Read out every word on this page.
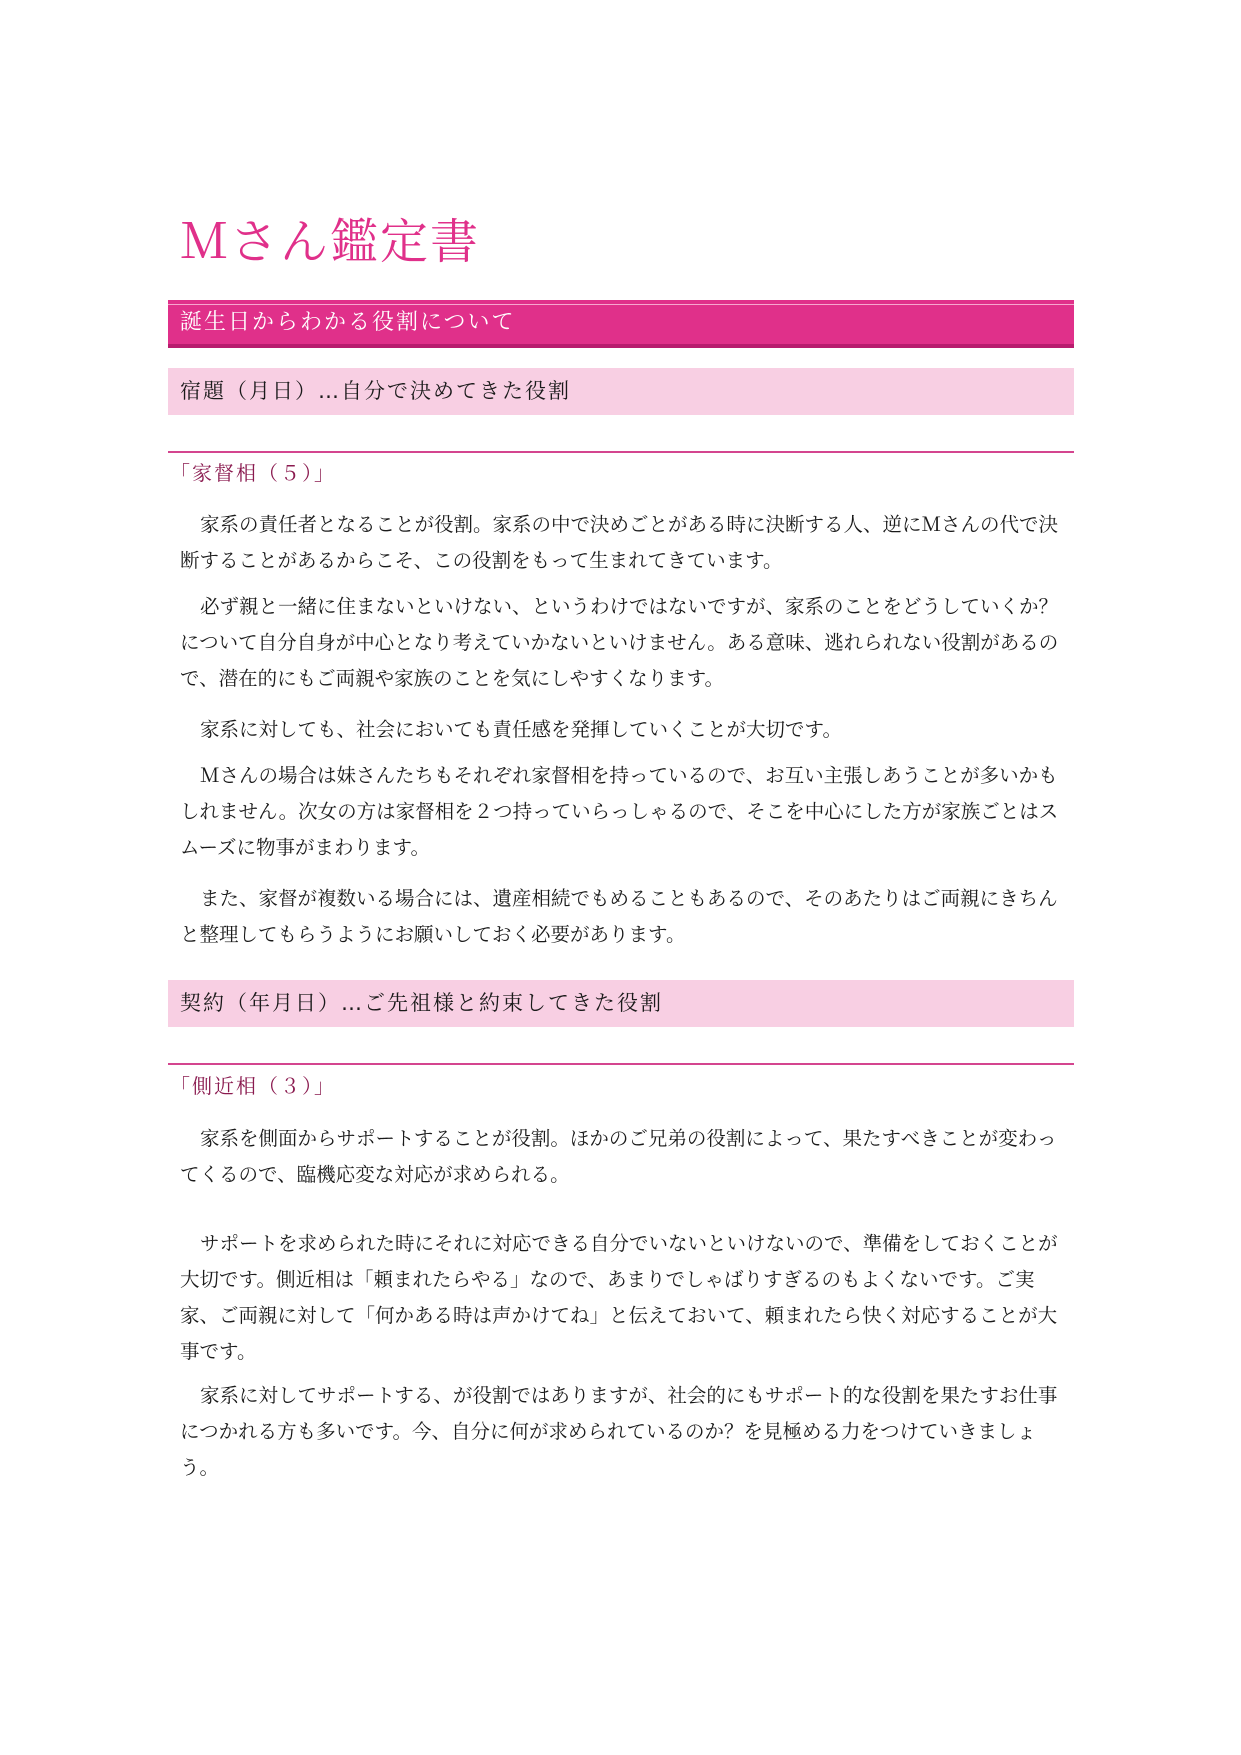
Ｍさん鑑定書
誕生日からわかる役割について
宿題（月日）…自分で決めてきた役割
「家督相（５）」

家系の責任者となることが役割。家系の中で決めごとがある時に決断する人、逆にＭさんの代で決断することがあるからこそ、この役割をもって生まれてきています。

必ず親と一緒に住まないといけない、というわけではないですが、家系のことをどうしていくか？について自分自身が中心となり考えていかないといけません。ある意味、逃れられない役割があるので、潜在的にもご両親や家族のことを気にしやすくなります。

家系に対しても、社会においても責任感を発揮していくことが大切です。

Ｍさんの場合は妹さんたちもそれぞれ家督相を持っているので、お互い主張しあうことが多いかもしれません。次女の方は家督相を２つ持っていらっしゃるので、そこを中心にした方が家族ごとはスムーズに物事がまわります。

また、家督が複数いる場合には、遺産相続でもめることもあるので、そのあたりはご両親にきちんと整理してもらうようにお願いしておく必要があります。

契約（年月日）…ご先祖様と約束してきた役割
「側近相（３）」

家系を側面からサポートすることが役割。ほかのご兄弟の役割によって、果たすべきことが変わってくるので、臨機応変な対応が求められる。

サポートを求められた時にそれに対応できる自分でいないといけないので、準備をしておくことが大切です。側近相は「頼まれたらやる」なので、あまりでしゃばりすぎるのもよくないです。ご実家、ご両親に対して「何かある時は声かけてね」と伝えておいて、頼まれたら快く対応することが大事です。

家系に対してサポートする、が役割ではありますが、社会的にもサポート的な役割を果たすお仕事につかれる方も多いです。今、自分に何が求められているのか？を見極める力をつけていきましょう。
